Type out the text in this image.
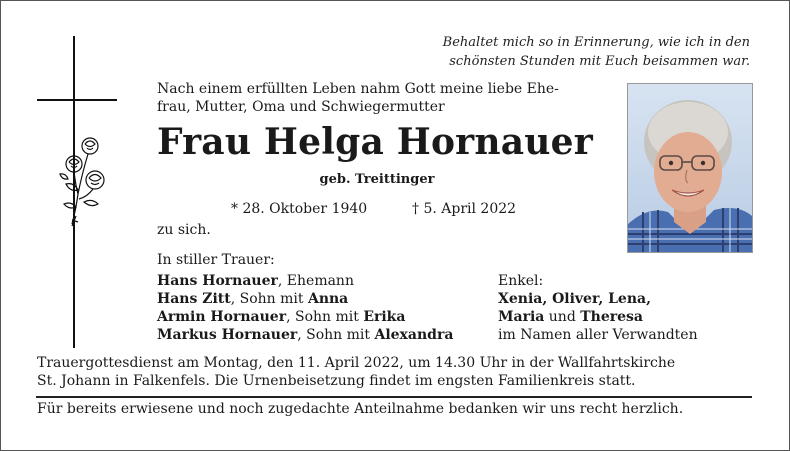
Behaltet mich so in Erinnerung, wie ich in den
schönsten Stunden mit Euch beisammen war.
Nach einem erfüllten Leben nahm Gott meine liebe Ehe-
frau, Mutter, Oma und Schwiegermutter
Frau Helga Hornauer
geb. Treittinger
* 28. Oktober 1940	† 5. April 2022
zu sich.
In stiller Trauer:
Hans Hornauer, Ehemann
Hans Zitt, Sohn mit Anna
Armin Hornauer, Sohn mit Erika
Markus Hornauer, Sohn mit Alexandra
Enkel:
Xenia, Oliver, Lena,
Maria und Theresa
im Namen aller Verwandten
Trauergottesdienst am Montag, den 11. April 2022, um 14.30 Uhr in der Wallfahrtskirche
St. Johann in Falkenfels. Die Urnenbeisetzung findet im engsten Familienkreis statt.
Für bereits erwiesene und noch zugedachte Anteilnahme bedanken wir uns recht herzlich.
